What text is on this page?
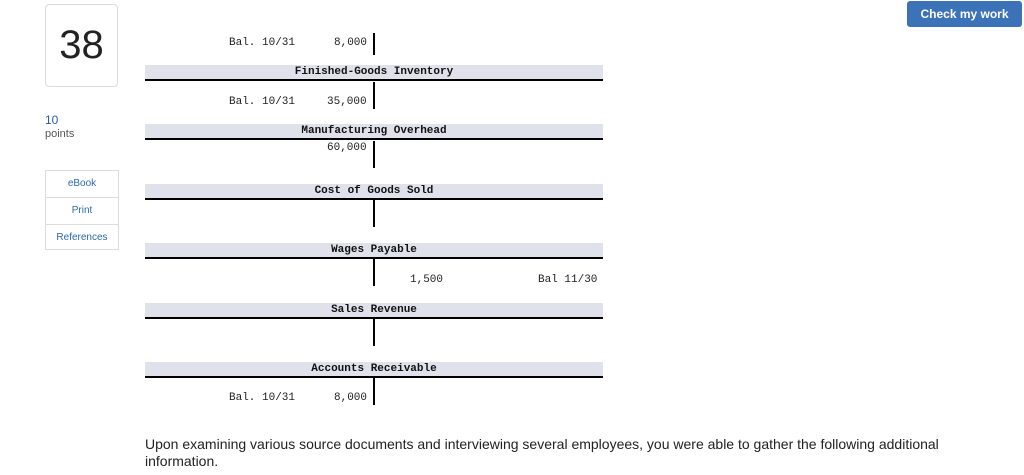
38
10
points
eBook
Print
References
Check my work
Bal. 10/31	8,000
Finished-Goods Inventory
Bal. 10/31	35,000
Manufacturing Overhead
60,000
Cost of Goods Sold
Wages Payable
1,500	Bal 11/30
Sales Revenue
Accounts Receivable
Bal. 10/31	8,000
Upon examining various source documents and interviewing several employees, you were able to gather the following additional information.
